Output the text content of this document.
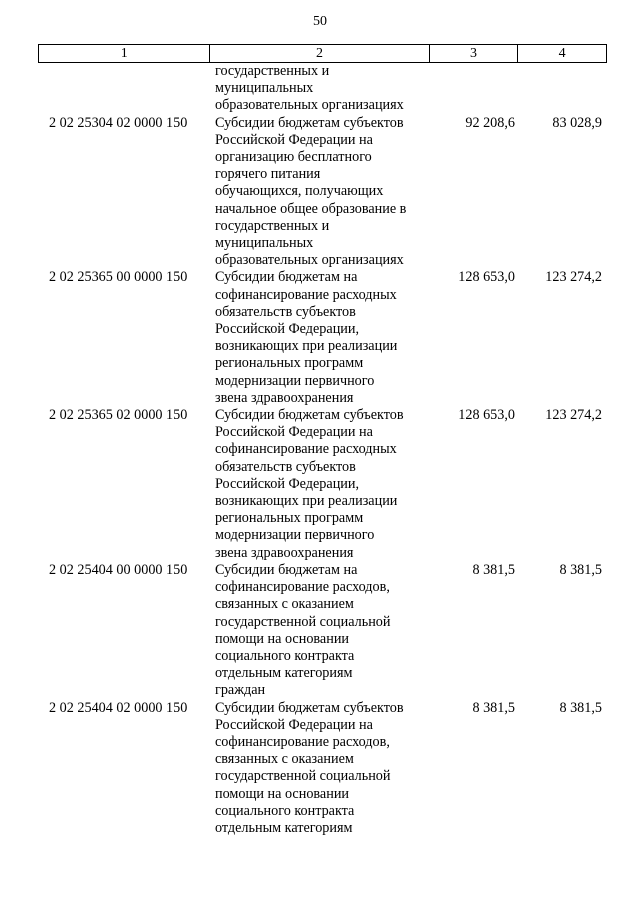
50
1	2	3	4
государственных и
муниципальных
образовательных организациях
2 02 25304 02 0000 150	Субсидии бюджетам субъектов
Российской Федерации на
организацию бесплатного
горячего питания
обучающихся, получающих
начальное общее образование в
государственных и
муниципальных
образовательных организациях
92 208,6	83 028,9
2 02 25365 00 0000 150	Субсидии бюджетам на
софинансирование расходных
обязательств субъектов
Российской Федерации,
возникающих при реализации
региональных программ
модернизации первичного
звена здравоохранения
128 653,0	123 274,2
2 02 25365 02 0000 150	Субсидии бюджетам субъектов
Российской Федерации на
софинансирование расходных
обязательств субъектов
Российской Федерации,
возникающих при реализации
региональных программ
модернизации первичного
звена здравоохранения
128 653,0	123 274,2
2 02 25404 00 0000 150	Субсидии бюджетам на
софинансирование расходов,
связанных с оказанием
государственной социальной
помощи на основании
социального контракта
отдельным категориям
граждан
8 381,5	8 381,5
2 02 25404 02 0000 150	Субсидии бюджетам субъектов
Российской Федерации на
софинансирование расходов,
связанных с оказанием
государственной социальной
помощи на основании
социального контракта
отдельным категориям
8 381,5	8 381,5
